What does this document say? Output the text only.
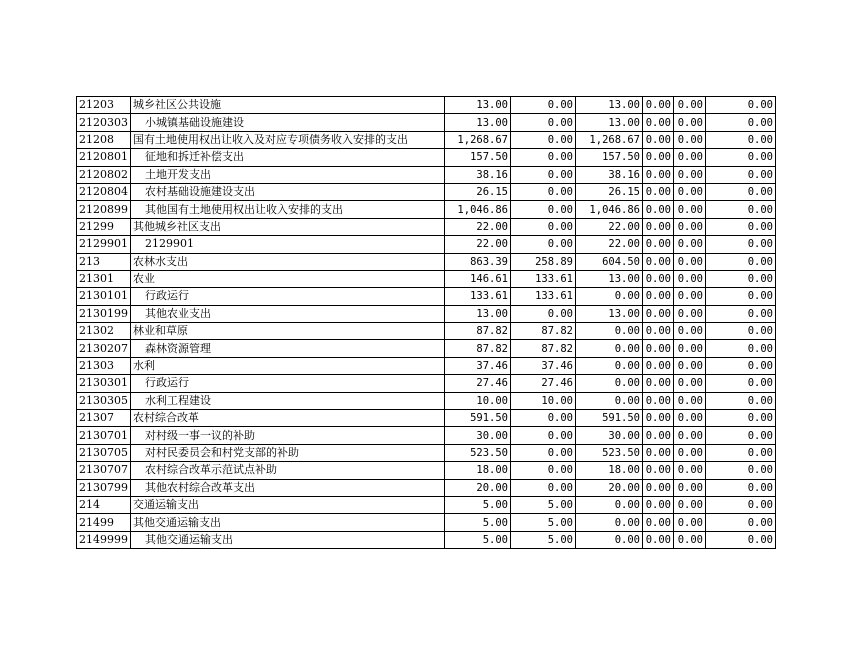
21203	城乡社区公共设施	13.00	0.00	13.00	0.00	0.00	0.00
2120303	小城镇基础设施建设	13.00	0.00	13.00	0.00	0.00	0.00
21208	国有土地使用权出让收入及对应专项债务收入安排的支出	1,268.67	0.00	1,268.67	0.00	0.00	0.00
2120801	征地和拆迁补偿支出	157.50	0.00	157.50	0.00	0.00	0.00
2120802	土地开发支出	38.16	0.00	38.16	0.00	0.00	0.00
2120804	农村基础设施建设支出	26.15	0.00	26.15	0.00	0.00	0.00
2120899	其他国有土地使用权出让收入安排的支出	1,046.86	0.00	1,046.86	0.00	0.00	0.00
21299	其他城乡社区支出	22.00	0.00	22.00	0.00	0.00	0.00
2129901	2129901	22.00	0.00	22.00	0.00	0.00	0.00
213	农林水支出	863.39	258.89	604.50	0.00	0.00	0.00
21301	农业	146.61	133.61	13.00	0.00	0.00	0.00
2130101	行政运行	133.61	133.61	0.00	0.00	0.00	0.00
2130199	其他农业支出	13.00	0.00	13.00	0.00	0.00	0.00
21302	林业和草原	87.82	87.82	0.00	0.00	0.00	0.00
2130207	森林资源管理	87.82	87.82	0.00	0.00	0.00	0.00
21303	水利	37.46	37.46	0.00	0.00	0.00	0.00
2130301	行政运行	27.46	27.46	0.00	0.00	0.00	0.00
2130305	水利工程建设	10.00	10.00	0.00	0.00	0.00	0.00
21307	农村综合改革	591.50	0.00	591.50	0.00	0.00	0.00
2130701	对村级一事一议的补助	30.00	0.00	30.00	0.00	0.00	0.00
2130705	对村民委员会和村党支部的补助	523.50	0.00	523.50	0.00	0.00	0.00
2130707	农村综合改革示范试点补助	18.00	0.00	18.00	0.00	0.00	0.00
2130799	其他农村综合改革支出	20.00	0.00	20.00	0.00	0.00	0.00
214	交通运输支出	5.00	5.00	0.00	0.00	0.00	0.00
21499	其他交通运输支出	5.00	5.00	0.00	0.00	0.00	0.00
2149999	其他交通运输支出	5.00	5.00	0.00	0.00	0.00	0.00
